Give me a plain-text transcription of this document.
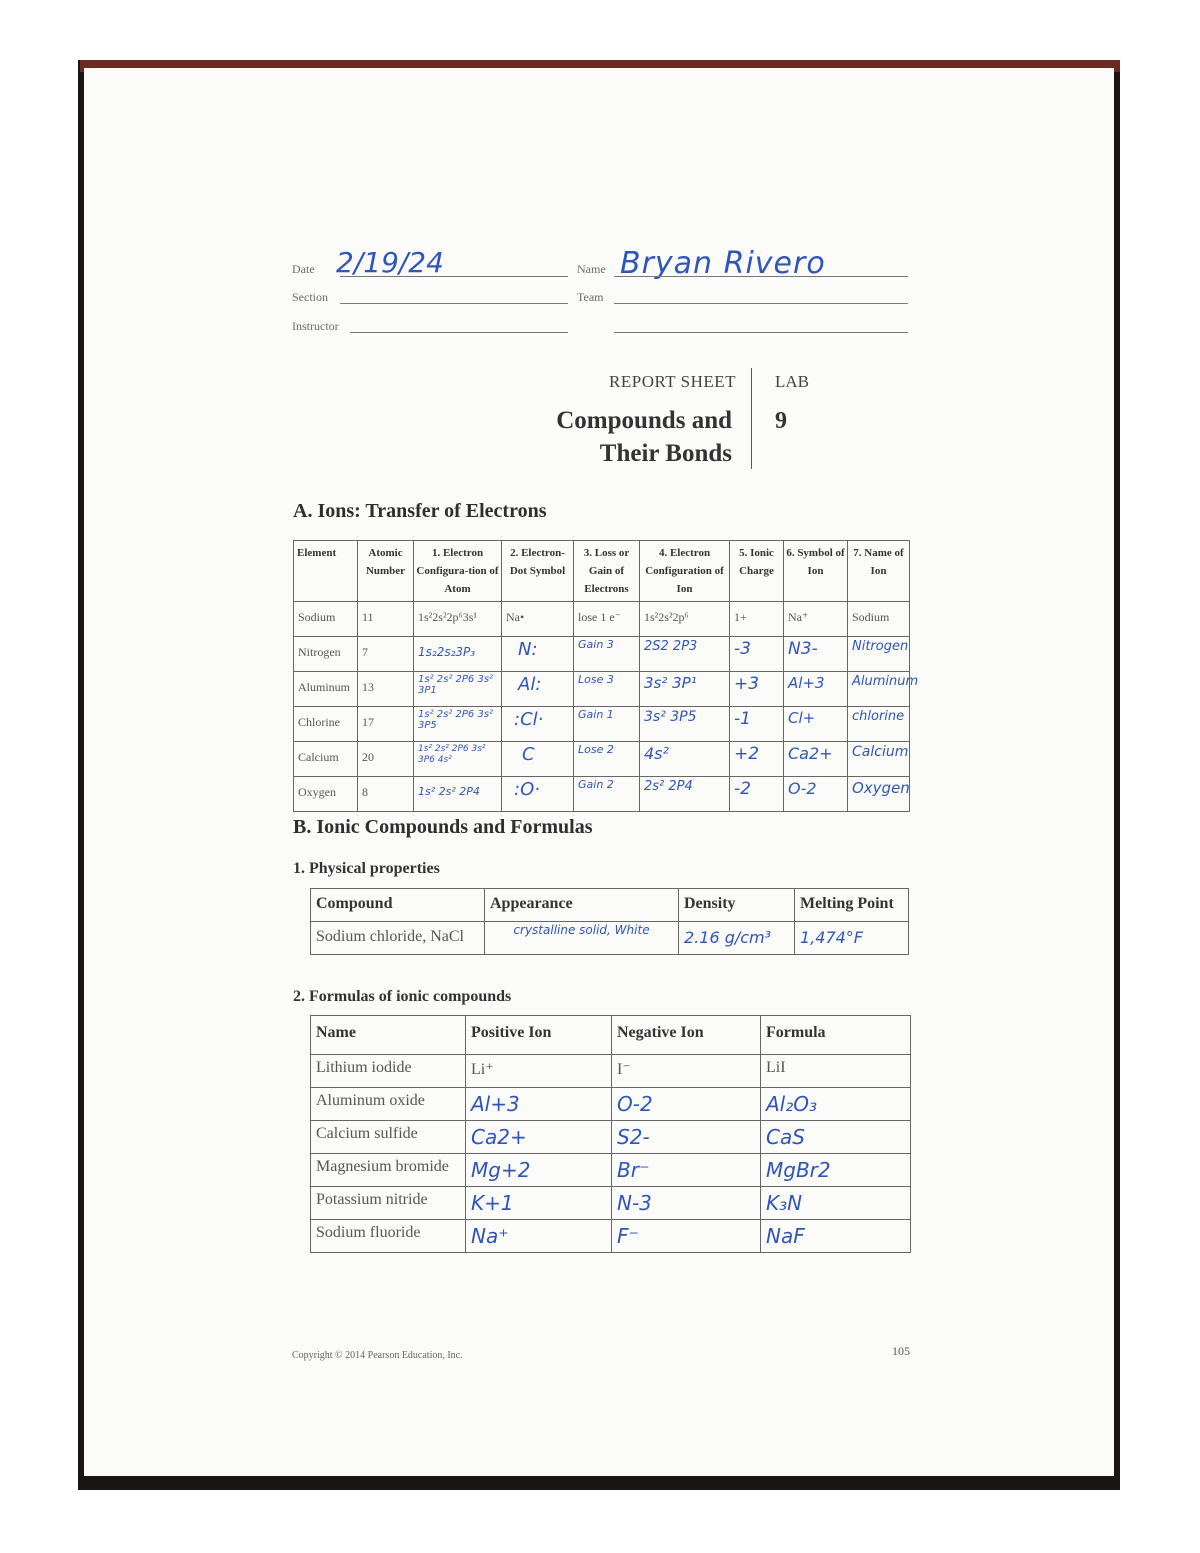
Date 2/19/24	Name Bryan Rivero
Section	Team
Instructor
REPORT SHEET
Compounds and
Their Bonds
LAB
9
A. Ions: Transfer of Electrons
Element	Atomic Number	1. Electron Configura-tion of Atom	2. Electron-Dot Symbol	3. Loss or Gain of Electrons	4. Electron Configuration of Ion	5. Ionic Charge	6. Symbol of Ion	7. Name of Ion

Sodium	11	1s²2s²2p⁶3s¹	Na•	lose 1 e⁻	1s²2s²2p⁶	1+	Na⁺	Sodium

Nitrogen	7	1s₂2s₂3P₃	N:	Gain 3	2S2 2P3	-3	N3-	Nitrogen

Aluminum	13	1s² 2s² 2P6 3s² 3P1	Al:	Lose 3	3s² 3P¹	+3	Al+3	Aluminum

Chlorine	17	1s² 2s² 2P6 3s² 3P5	:Cl·	Gain 1	3s² 3P5	-1	Cl+	chlorine

Calcium	20	1s² 2s² 2P6 3s² 3P6 4s²	C	Lose 2	4s²	+2	Ca2+	Calcium

Oxygen	8	1s² 2s² 2P4	:O·	Gain 2	2s² 2P4	-2	O-2	Oxygen
B. Ionic Compounds and Formulas
1. Physical properties
Compound	Appearance	Density	Melting Point
Sodium chloride, NaCl	crystalline solid, White	2.16 g/cm³	1,474°F
2. Formulas of ionic compounds
Name	Positive Ion	Negative Ion	Formula
Lithium iodide	Li⁺	I⁻	LiI
Aluminum oxide	Al+3	O-2	Al₂O₃
Calcium sulfide	Ca2+	S2-	CaS
Magnesium bromide	Mg+2	Br⁻	MgBr2
Potassium nitride	K+1	N-3	K₃N
Sodium fluoride	Na⁺	F⁻	NaF
Copyright © 2014 Pearson Education, Inc.	105
